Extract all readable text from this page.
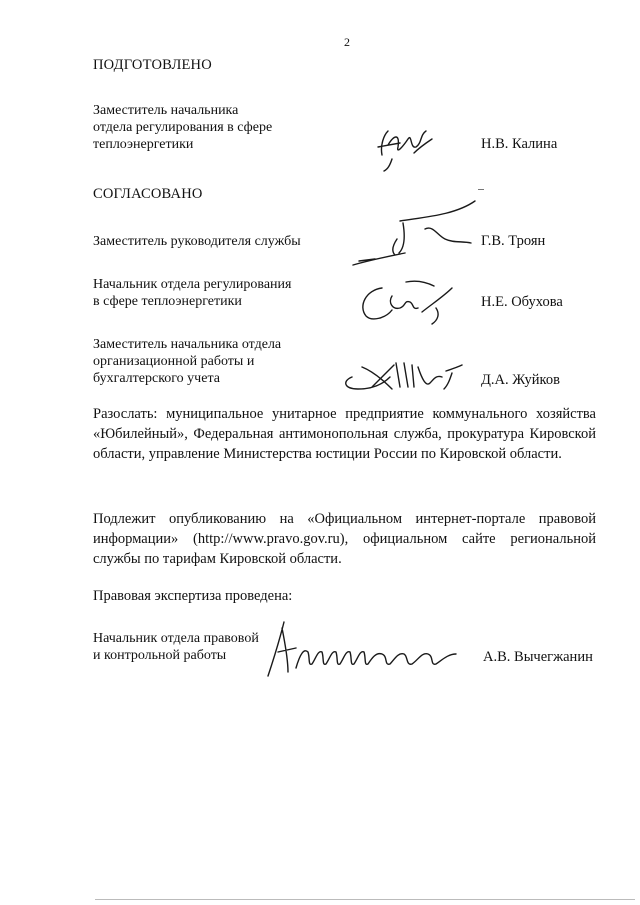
2
ПОДГОТОВЛЕНО
Заместитель начальника
отдела регулирования в сфере
теплоэнергетики	Н.В. Калина
СОГЛАСОВАНО
Заместитель руководителя службы	Г.В. Троян
Начальник отдела регулирования
в сфере теплоэнергетики	Н.Е. Обухова
Заместитель начальника отдела
организационной работы и
бухгалтерского учета	Д.А. Жуйков

Разослать: муниципальное унитарное предприятие коммунального хозяйства «Юбилейный», Федеральная антимонопольная служба, прокуратура Кировской области, управление Министерства юстиции России по Кировской области.

Подлежит опубликованию на «Официальном интернет-портале правовой информации» (http://www.pravo.gov.ru), официальном сайте региональной службы по тарифам Кировской области.

Правовая экспертиза проведена:
Начальник отдела правовой
и контрольной работы	А.В. Вычегжанин
